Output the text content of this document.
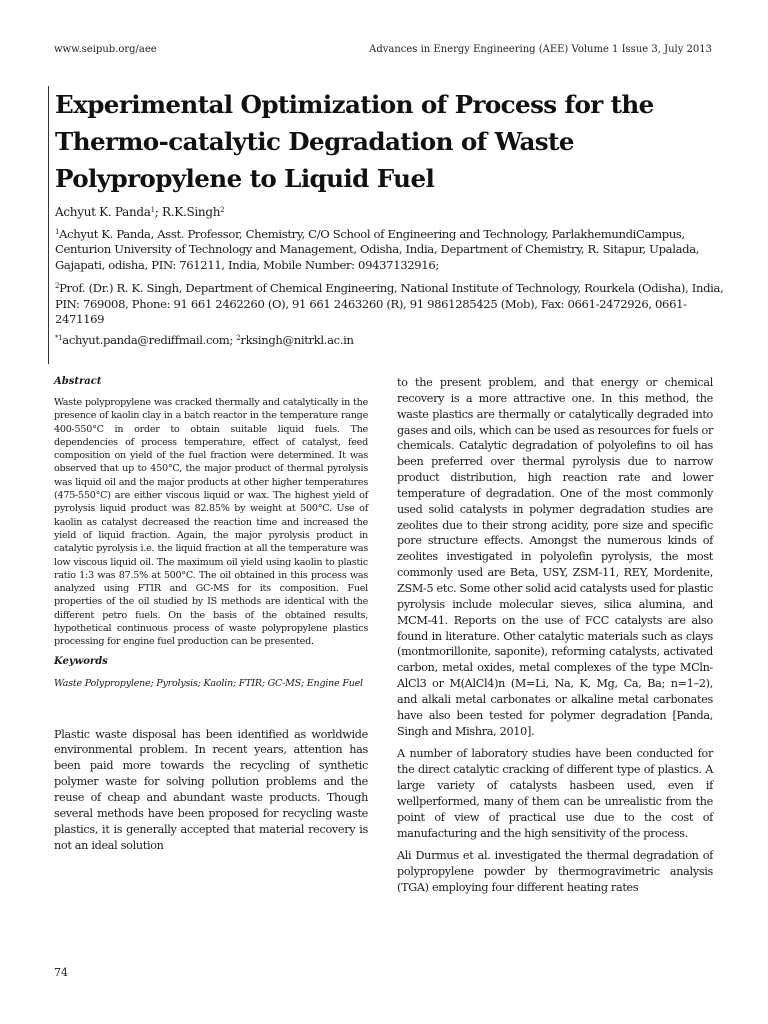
www.seipub.org/aee	Advances in Energy Engineering (AEE) Volume 1 Issue 3, July 2013
Experimental Optimization of Process for the Thermo-catalytic Degradation of Waste Polypropylene to Liquid Fuel
Achyut K. Panda$^1$; R.K.Singh$^2$
$^1$Achyut K. Panda, Asst. Professor, Chemistry, C/O School of Engineering and Technology, ParlakhemundiCampus, Centurion University of Technology and Management, Odisha, India, Department of Chemistry, R. Sitapur, Upalada, Gajapati, odisha, PIN: 761211, India, Mobile Number: 09437132916;
$^2$Prof. (Dr.) R. K. Singh, Department of Chemical Engineering, National Institute of Technology, Rourkela (Odisha), India, PIN: 769008, Phone: 91 661 2462260 (O), 91 661 2463260 (R), 91 9861285425 (Mob), Fax: 0661-2472926, 0661-2471169
$^{*1}$achyut.panda@rediffmail.com; $^2$rksingh@nitrkl.ac.in
Abstract

Waste polypropylene was cracked thermally and catalytically in the presence of kaolin clay in a batch reactor in the temperature range 400-550°C in order to obtain suitable liquid fuels. The dependencies of process temperature, effect of catalyst, feed composition on yield of the fuel fraction were determined. It was observed that up to 450°C, the major product of thermal pyrolysis was liquid oil and the major products at other higher temperatures (475-550°C) are either viscous liquid or wax. The highest yield of pyrolysis liquid product was 82.85% by weight at 500°C. Use of kaolin as catalyst decreased the reaction time and increased the yield of liquid fraction. Again, the major pyrolysis product in catalytic pyrolysis i.e. the liquid fraction at all the temperature was low viscous liquid oil. The maximum oil yield using kaolin to plastic ratio 1:3 was 87.5% at 500°C. The oil obtained in this process was analyzed using FTIR and GC-MS for its composition. Fuel properties of the oil studied by IS methods are identical with the different petro fuels. On the basis of the obtained results, hypothetical continuous process of waste polypropylene plastics processing for engine fuel production can be presented.

Keywords
Waste Polypropylene; Pyrolysis; Kaolin; FTIR; GC-MS; Engine Fuel

Plastic waste disposal has been identified as worldwide environmental problem. In recent years, attention has been paid more towards the recycling of synthetic polymer waste for solving pollution problems and the reuse of cheap and abundant waste products. Though several methods have been proposed for recycling waste plastics, it is generally accepted that material recovery is not an ideal solution

to the present problem, and that energy or chemical recovery is a more attractive one. In this method, the waste plastics are thermally or catalytically degraded into gases and oils, which can be used as resources for fuels or chemicals. Catalytic degradation of polyolefins to oil has been preferred over thermal pyrolysis due to narrow product distribution, high reaction rate and lower temperature of degradation. One of the most commonly used solid catalysts in polymer degradation studies are zeolites due to their strong acidity, pore size and specific pore structure effects. Amongst the numerous kinds of zeolites investigated in polyolefin pyrolysis, the most commonly used are Beta, USY, ZSM-11, REY, Mordenite, ZSM-5 etc. Some other solid acid catalysts used for plastic pyrolysis include molecular sieves, silica alumina, and MCM-41. Reports on the use of FCC catalysts are also found in literature. Other catalytic materials such as clays (montmorillonite, saponite), reforming catalysts, activated carbon, metal oxides, metal complexes of the type MCln-AlCl3 or M(AlCl4)n (M=Li, Na, K, Mg, Ca, Ba; n=1–2), and alkali metal carbonates or alkaline metal carbonates have also been tested for polymer degradation [Panda, Singh and Mishra, 2010].

A number of laboratory studies have been conducted for the direct catalytic cracking of different type of plastics. A large variety of catalysts hasbeen used, even if wellperformed, many of them can be unrealistic from the point of view of practical use due to the cost of manufacturing and the high sensitivity of the process.

Ali Durmus et al. investigated the thermal degradation of polypropylene powder by thermogravimetric analysis (TGA) employing four different heating rates

74
